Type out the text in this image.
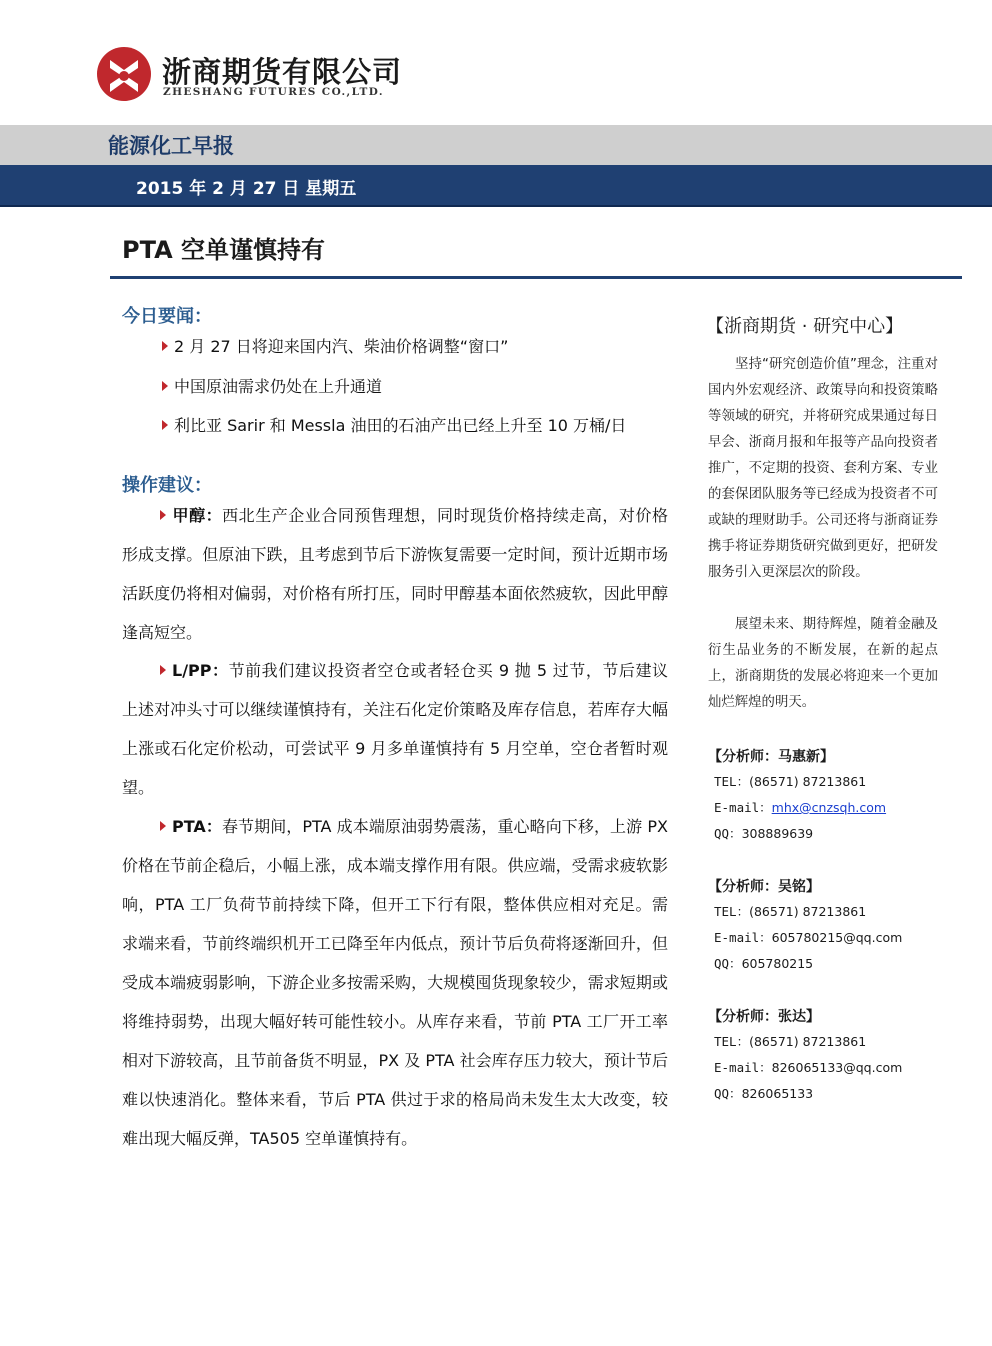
浙商期货有限公司
ZHESHANG FUTURES CO.,LTD.
能源化工早报
2015 年 2 月 27 日 星期五
PTA 空单谨慎持有
今日要闻：
2 月 27 日将迎来国内汽、柴油价格调整“窗口”
中国原油需求仍处在上升通道
利比亚 Sarir 和 Messla 油田的石油产出已经上升至 10 万桶/日
操作建议：
甲醇：西北生产企业合同预售理想，同时现货价格持续走高，对价格形成支撑。但原油下跌，且考虑到节后下游恢复需要一定时间，预计近期市场活跃度仍将相对偏弱，对价格有所打压，同时甲醇基本面依然疲软，因此甲醇逢高短空。
L/PP：节前我们建议投资者空仓或者轻仓买 9 抛 5 过节，节后建议上述对冲头寸可以继续谨慎持有，关注石化定价策略及库存信息，若库存大幅上涨或石化定价松动，可尝试平 9 月多单谨慎持有 5 月空单，空仓者暂时观望。
PTA：春节期间，PTA 成本端原油弱势震荡，重心略向下移，上游 PX 价格在节前企稳后，小幅上涨，成本端支撑作用有限。供应端，受需求疲软影响，PTA 工厂负荷节前持续下降，但开工下行有限，整体供应相对充足。需求端来看，节前终端织机开工已降至年内低点，预计节后负荷将逐渐回升，但受成本端疲弱影响，下游企业多按需采购，大规模囤货现象较少，需求短期或将维持弱势，出现大幅好转可能性较小。从库存来看，节前 PTA 工厂开工率相对下游较高，且节前备货不明显，PX 及 PTA 社会库存压力较大，预计节后难以快速消化。整体来看，节后 PTA 供过于求的格局尚未发生太大改变，较难出现大幅反弹，TA505 空单谨慎持有。
【浙商期货 · 研究中心】
坚持“研究创造价值”理念，注重对国内外宏观经济、政策导向和投资策略等领域的研究，并将研究成果通过每日早会、浙商月报和年报等产品向投资者推广，不定期的投资、套利方案、专业的套保团队服务等已经成为投资者不可或缺的理财助手。公司还将与浙商证券携手将证券期货研究做到更好，把研发服务引入更深层次的阶段。
展望未来、期待辉煌，随着金融及衍生品业务的不断发展，在新的起点上，浙商期货的发展必将迎来一个更加灿烂辉煌的明天。
【分析师：马惠新】
TEL：(86571) 87213861
E-mail：mhx@cnzsqh.com
QQ：308889639
【分析师：吴铭】
TEL：(86571) 87213861
E-mail：605780215@qq.com
QQ：605780215
【分析师：张达】
TEL：(86571) 87213861
E-mail：826065133@qq.com
QQ：826065133
